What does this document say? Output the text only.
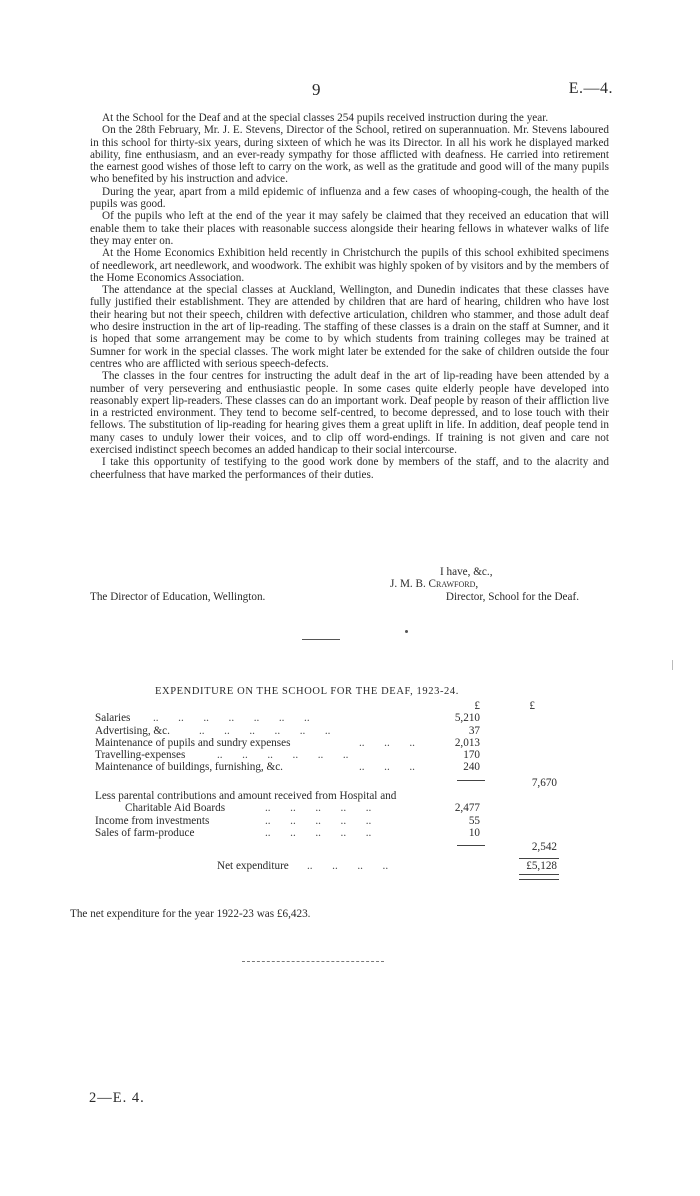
9	E.—4.

At the School for the Deaf and at the special classes 254 pupils received instruction during the year.

On the 28th February, Mr. J. E. Stevens, Director of the School, retired on superannuation. Mr. Stevens laboured in this school for thirty-six years, during sixteen of which he was its Director. In all his work he displayed marked ability, fine enthusiasm, and an ever-ready sympathy for those afflicted with deafness. He carried into retirement the earnest good wishes of those left to carry on the work, as well as the gratitude and good will of the many pupils who benefited by his instruction and advice.

During the year, apart from a mild epidemic of influenza and a few cases of whooping-cough, the health of the pupils was good.

Of the pupils who left at the end of the year it may safely be claimed that they received an education that will enable them to take their places with reasonable success alongside their hearing fellows in whatever walks of life they may enter on.

At the Home Economics Exhibition held recently in Christchurch the pupils of this school exhibited specimens of needlework, art needlework, and woodwork. The exhibit was highly spoken of by visitors and by the members of the Home Economics Association.

The attendance at the special classes at Auckland, Wellington, and Dunedin indicates that these classes have fully justified their establishment. They are attended by children that are hard of hearing, children who have lost their hearing but not their speech, children with defective articulation, children who stammer, and those adult deaf who desire instruction in the art of lip-reading. The staffing of these classes is a drain on the staff at Sumner, and it is hoped that some arrangement may be come to by which students from training colleges may be trained at Sumner for work in the special classes. The work might later be extended for the sake of children outside the four centres who are afflicted with serious speech-defects.

The classes in the four centres for instructing the adult deaf in the art of lip-reading have been attended by a number of very persevering and enthusiastic people. In some cases quite elderly people have developed into reasonably expert lip-readers. These classes can do an important work. Deaf people by reason of their affliction live in a restricted environment. They tend to become self-centred, to become depressed, and to lose touch with their fellows. The substitution of lip-reading for hearing gives them a great uplift in life. In addition, deaf people tend in many cases to unduly lower their voices, and to clip off word-endings. If training is not given and care not exercised indistinct speech becomes an added handicap to their social intercourse.

I take this opportunity of testifying to the good work done by members of the staff, and to the alacrity and cheerfulness that have marked the performances of their duties.

I have, &c.,
J. M. B. Crawford,
The Director of Education, Wellington.	Director, School for the Deaf.
EXPENDITURE ON THE SCHOOL FOR THE DEAF, 1923-24.
£	£
Salaries ..       ..       ..       ..       ..       ..       ..	5,210
Advertising, &c.	..       ..       ..       ..       ..       ..	37
Maintenance of pupils and sundry expenses	..       ..       ..	2,013
Travelling-expenses	..       ..       ..       ..       ..       ..	170
Maintenance of buildings, furnishing, &c.	..       ..       ..	240
7,670
Less parental contributions and amount received from Hospital and
Charitable Aid Boards	..       ..       ..       ..       ..	2,477
Income from investments	..       ..       ..       ..       ..	55
Sales of farm-produce	..       ..       ..       ..       ..	10
2,542
Net expenditure ..       ..       ..       ..	£5,128
The net expenditure for the year 1922-23 was £6,423.
2—E. 4.
